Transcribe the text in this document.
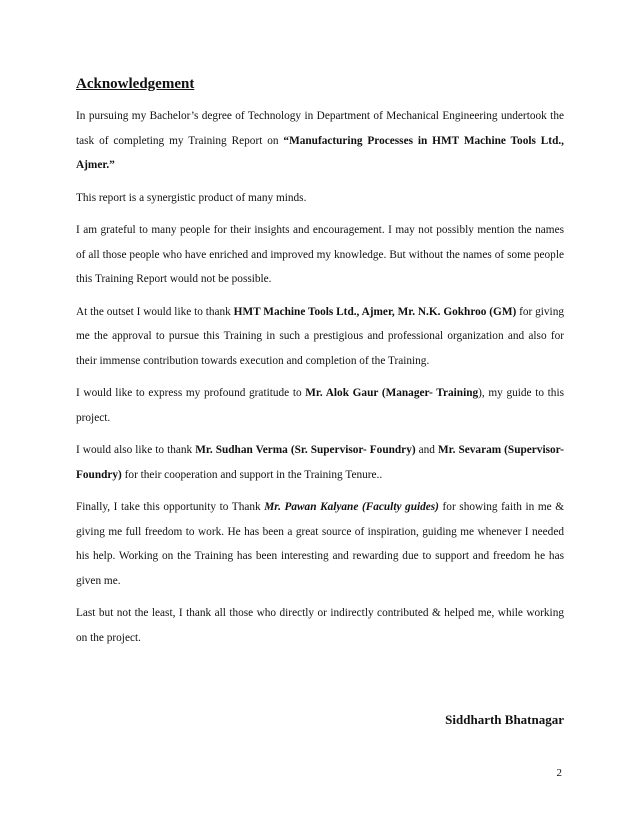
Acknowledgement

In pursuing my Bachelor’s degree of Technology in Department of Mechanical Engineering undertook the task of completing my Training Report on “Manufacturing Processes in HMT Machine Tools Ltd., Ajmer.”

This report is a synergistic product of many minds.

I am grateful to many people for their insights and encouragement. I may not possibly mention the names of all those people who have enriched and improved my knowledge. But without the names of some people this Training Report would not be possible.

At the outset I would like to thank HMT Machine Tools Ltd., Ajmer, Mr. N.K. Gokhroo (GM) for giving me the approval to pursue this Training in such a prestigious and professional organization and also for their immense contribution towards execution and completion of the Training.

I would like to express my profound gratitude to Mr. Alok Gaur (Manager- Training), my guide to this project.

I would also like to thank Mr. Sudhan Verma (Sr. Supervisor- Foundry) and Mr. Sevaram (Supervisor- Foundry) for their cooperation and support in the Training Tenure..

Finally, I take this opportunity to Thank Mr. Pawan Kalyane (Faculty guides) for showing faith in me & giving me full freedom to work. He has been a great source of inspiration, guiding me whenever I needed his help. Working on the Training has been interesting and rewarding due to support and freedom he has given me.

Last but not the least, I thank all those who directly or indirectly contributed & helped me, while working on the project.

Siddharth Bhatnagar

2
